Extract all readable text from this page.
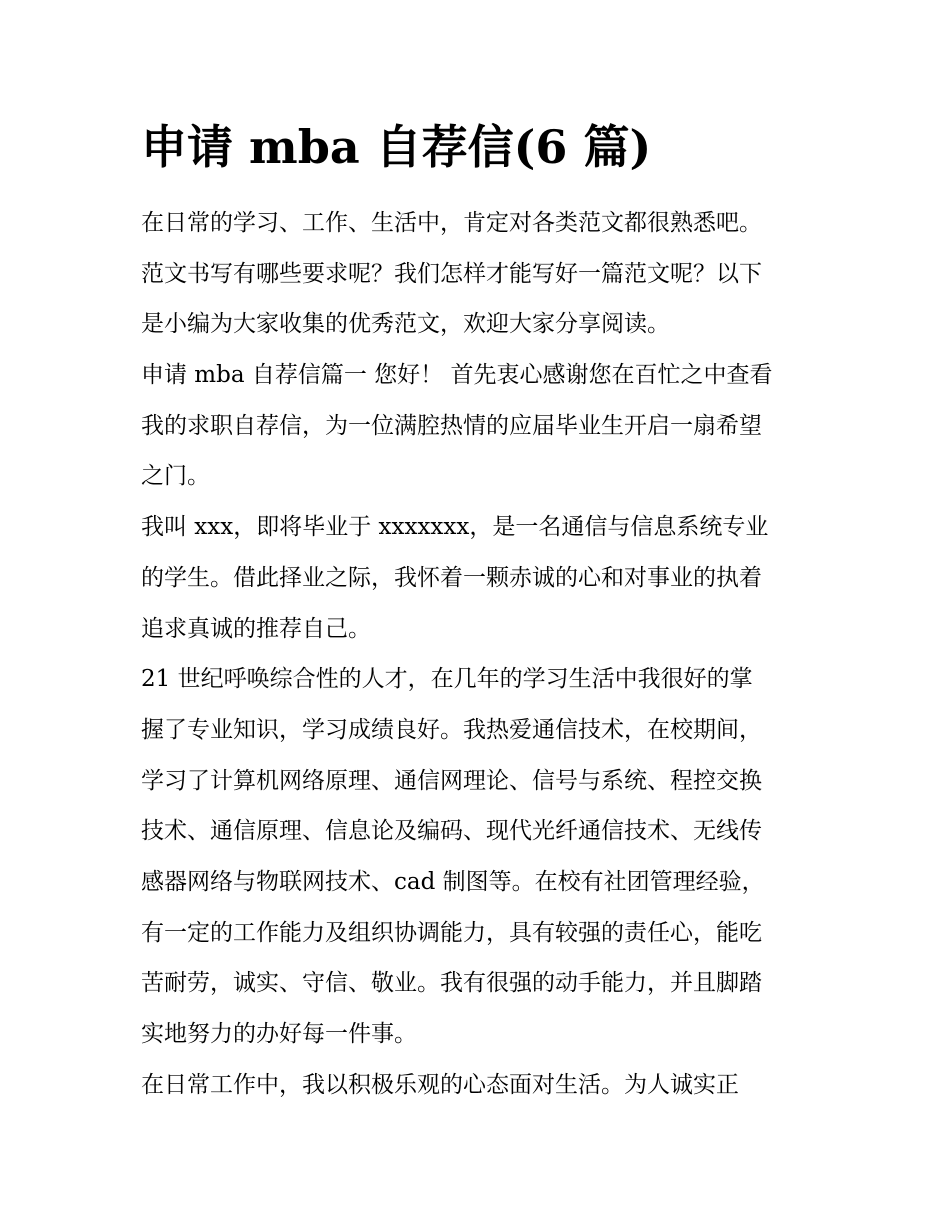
申请 mba 自荐信(6 篇)
在日常的学习、工作、生活中，肯定对各类范文都很熟悉吧。
范文书写有哪些要求呢？我们怎样才能写好一篇范文呢？以下
是小编为大家收集的优秀范文，欢迎大家分享阅读。
申请 mba 自荐信篇一 您好！ 首先衷心感谢您在百忙之中查看
我的求职自荐信，为一位满腔热情的应届毕业生开启一扇希望
之门。
我叫 xxx，即将毕业于 xxxxxxx，是一名通信与信息系统专业
的学生。借此择业之际，我怀着一颗赤诚的心和对事业的执着
追求真诚的推荐自己。
21 世纪呼唤综合性的人才，在几年的学习生活中我很好的掌
握了专业知识，学习成绩良好。我热爱通信技术，在校期间，
学习了计算机网络原理、通信网理论、信号与系统、程控交换
技术、通信原理、信息论及编码、现代光纤通信技术、无线传
感器网络与物联网技术、cad 制图等。在校有社团管理经验，
有一定的工作能力及组织协调能力，具有较强的责任心，能吃
苦耐劳，诚实、守信、敬业。我有很强的动手能力，并且脚踏
实地努力的办好每一件事。
在日常工作中，我以积极乐观的心态面对生活。为人诚实正
